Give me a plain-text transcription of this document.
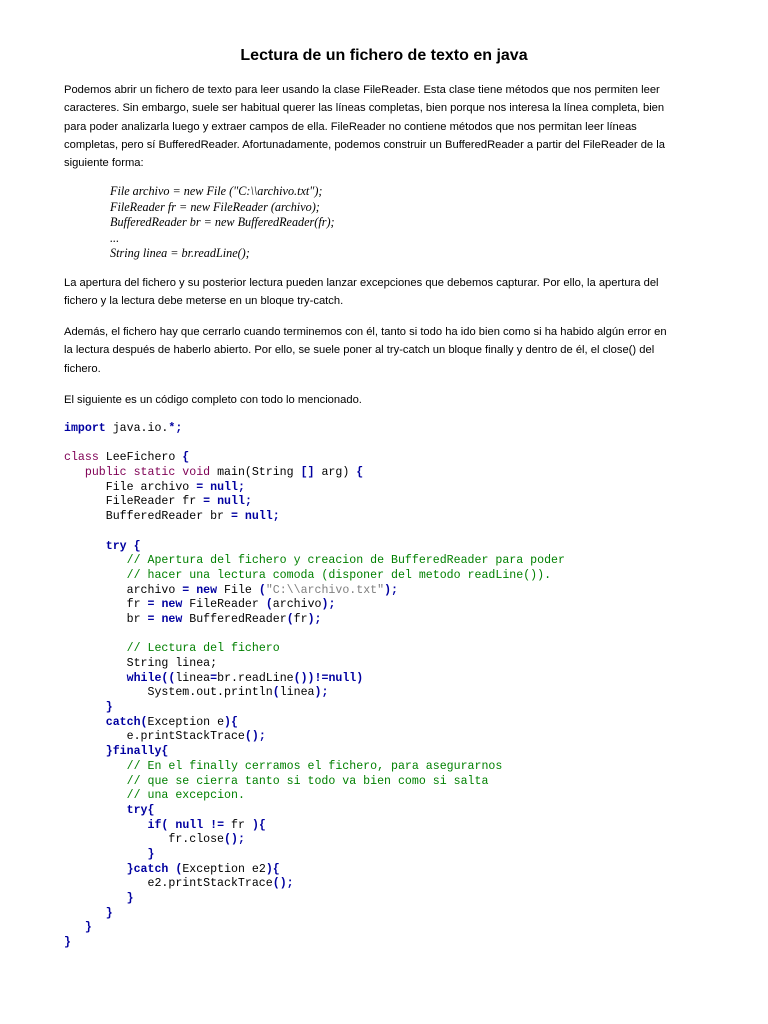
Lectura de un fichero de texto en java
Podemos abrir un fichero de texto para leer usando la clase FileReader. Esta clase tiene métodos que nos permiten leer
caracteres. Sin embargo, suele ser habitual querer las líneas completas, bien porque nos interesa la línea completa, bien
para poder analizarla luego y extraer campos de ella. FileReader no contiene métodos que nos permitan leer líneas
completas, pero sí BufferedReader. Afortunadamente, podemos construir un BufferedReader a partir del FileReader de la
siguiente forma:
File archivo = new File ("C:\\archivo.txt");
FileReader fr = new FileReader (archivo);
BufferedReader br = new BufferedReader(fr);
...
String linea = br.readLine();
La apertura del fichero y su posterior lectura pueden lanzar excepciones que debemos capturar. Por ello, la apertura del
fichero y la lectura debe meterse en un bloque try-catch.
Además, el fichero hay que cerrarlo cuando terminemos con él, tanto si todo ha ido bien como si ha habido algún error en
la lectura después de haberlo abierto. Por ello, se suele poner al try-catch un bloque finally y dentro de él, el close() del
fichero.
El siguiente es un código completo con todo lo mencionado.
import java.io.*;
class LeeFichero {
public static void main(String [] arg) {
File archivo = null;
FileReader fr = null;
BufferedReader br = null;
try {
// Apertura del fichero y creacion de BufferedReader para poder
// hacer una lectura comoda (disponer del metodo readLine()).
archivo = new File ("C:\\archivo.txt");
fr = new FileReader (archivo);
br = new BufferedReader(fr);
// Lectura del fichero
String linea;
while((linea=br.readLine())!=null)
System.out.println(linea);
}
catch(Exception e){
e.printStackTrace();
}finally{
// En el finally cerramos el fichero, para asegurarnos
// que se cierra tanto si todo va bien como si salta
// una excepcion.
try{
if( null != fr ){
fr.close();
}
}catch (Exception e2){
e2.printStackTrace();
}
}
}
}
